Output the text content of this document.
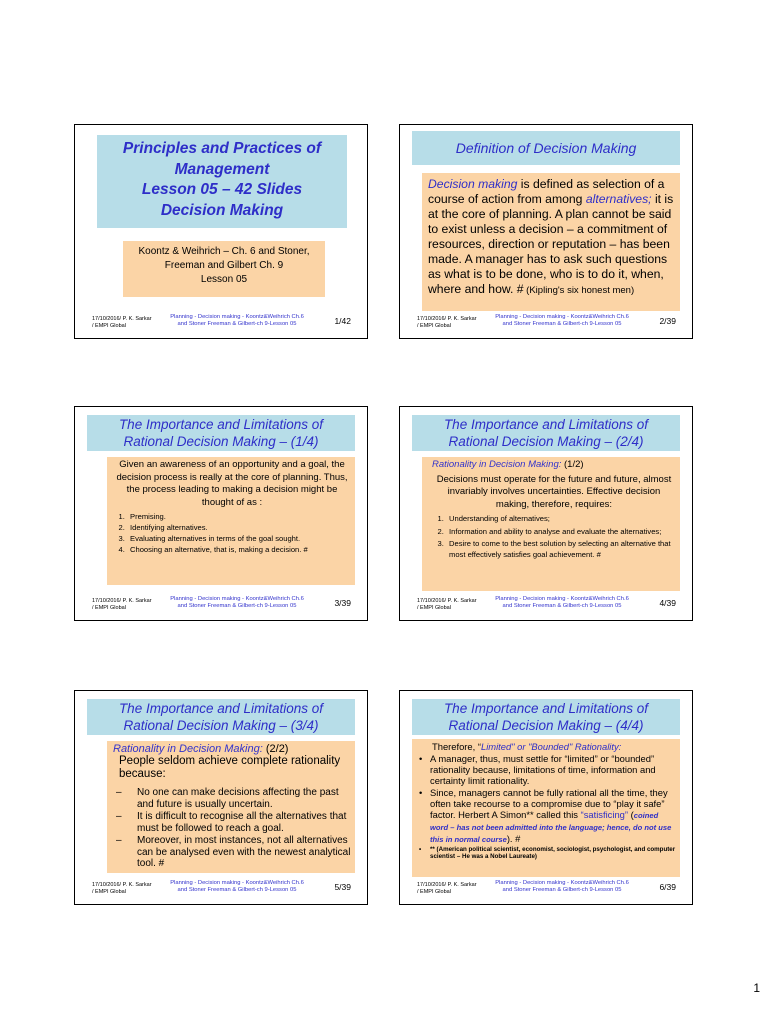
Principles and Practices of
Management
Lesson 05 – 42 Slides
Decision Making
Koontz & Weihrich – Ch. 6 and Stoner,
Freeman and Gilbert Ch. 9
Lesson 05
17/10/2016/ P. K. Sarkar
/ EMPI Global
Planning - Decision making - Koontz&Weihrich Ch.6
and Stoner Freeman & Gilbert-ch 9-Lesson 05	1/42
Definition of Decision Making
Decision making is defined as selection of a course of action from among alternatives; it is at the core of planning. A plan cannot be said to exist unless a decision – a commitment of resources, direction or reputation – has been made. A manager has to ask such questions as what is to be done, who is to do it, when, where and how. # (Kipling's six honest men)
17/10/2016/ P. K. Sarkar
/ EMPI Global
Planning - Decision making - Koontz&Weihrich Ch.6
and Stoner Freeman & Gilbert-ch 9-Lesson 05	2/39
The Importance and Limitations of
Rational Decision Making – (1/4)
Given an awareness of an opportunity and a goal, the decision process is really at the core of planning. Thus, the process leading to making a decision might be thought of as :
1. Premising.
2. Identifying alternatives.
3. Evaluating alternatives in terms of the goal sought.
4. Choosing an alternative, that is, making a decision. #
17/10/2016/ P. K. Sarkar
/ EMPI Global
Planning - Decision making - Koontz&Weihrich Ch.6
and Stoner Freeman & Gilbert-ch 9-Lesson 05	3/39
The Importance and Limitations of
Rational Decision Making – (2/4)
Rationality in Decision Making: (1/2)
Decisions must operate for the future and future, almost invariably involves uncertainties. Effective decision making, therefore, requires:
1. Understanding of alternatives;
2. Information and ability to analyse and evaluate the alternatives;
3. Desire to come to the best solution by selecting an alternative that most effectively satisfies goal achievement. #
17/10/2016/ P. K. Sarkar
/ EMPI Global
Planning - Decision making - Koontz&Weihrich Ch.6
and Stoner Freeman & Gilbert-ch 9-Lesson 05	4/39
The Importance and Limitations of
Rational Decision Making – (3/4)
Rationality in Decision Making: (2/2)
People seldom achieve complete rationality because:
– No one can make decisions affecting the past and future is usually uncertain.
– It is difficult to recognise all the alternatives that must be followed to reach a goal.
– Moreover, in most instances, not all alternatives can be analysed even with the newest analytical tool. #
17/10/2016/ P. K. Sarkar
/ EMPI Global
Planning - Decision making - Koontz&Weihrich Ch.6
and Stoner Freeman & Gilbert-ch 9-Lesson 05	5/39
The Importance and Limitations of
Rational Decision Making – (4/4)
Therefore, “Limited" or "Bounded" Rationality:
• A manager, thus, must settle for “limited” or “bounded” rationality because, limitations of time, information and certainty limit rationality.
• Since, managers cannot be fully rational all the time, they often take recourse to a compromise due to “play it safe” factor. Herbert A Simon** called this “satisficing” (coined word – has not been admitted into the language; hence, do not use this in normal course). #
• ** (American political scientist, economist, sociologist, psychologist, and computer scientist – He was a Nobel Laureate)
17/10/2016/ P. K. Sarkar
/ EMPI Global
Planning - Decision making - Koontz&Weihrich Ch.6
and Stoner Freeman & Gilbert-ch 9-Lesson 05	6/39
1
